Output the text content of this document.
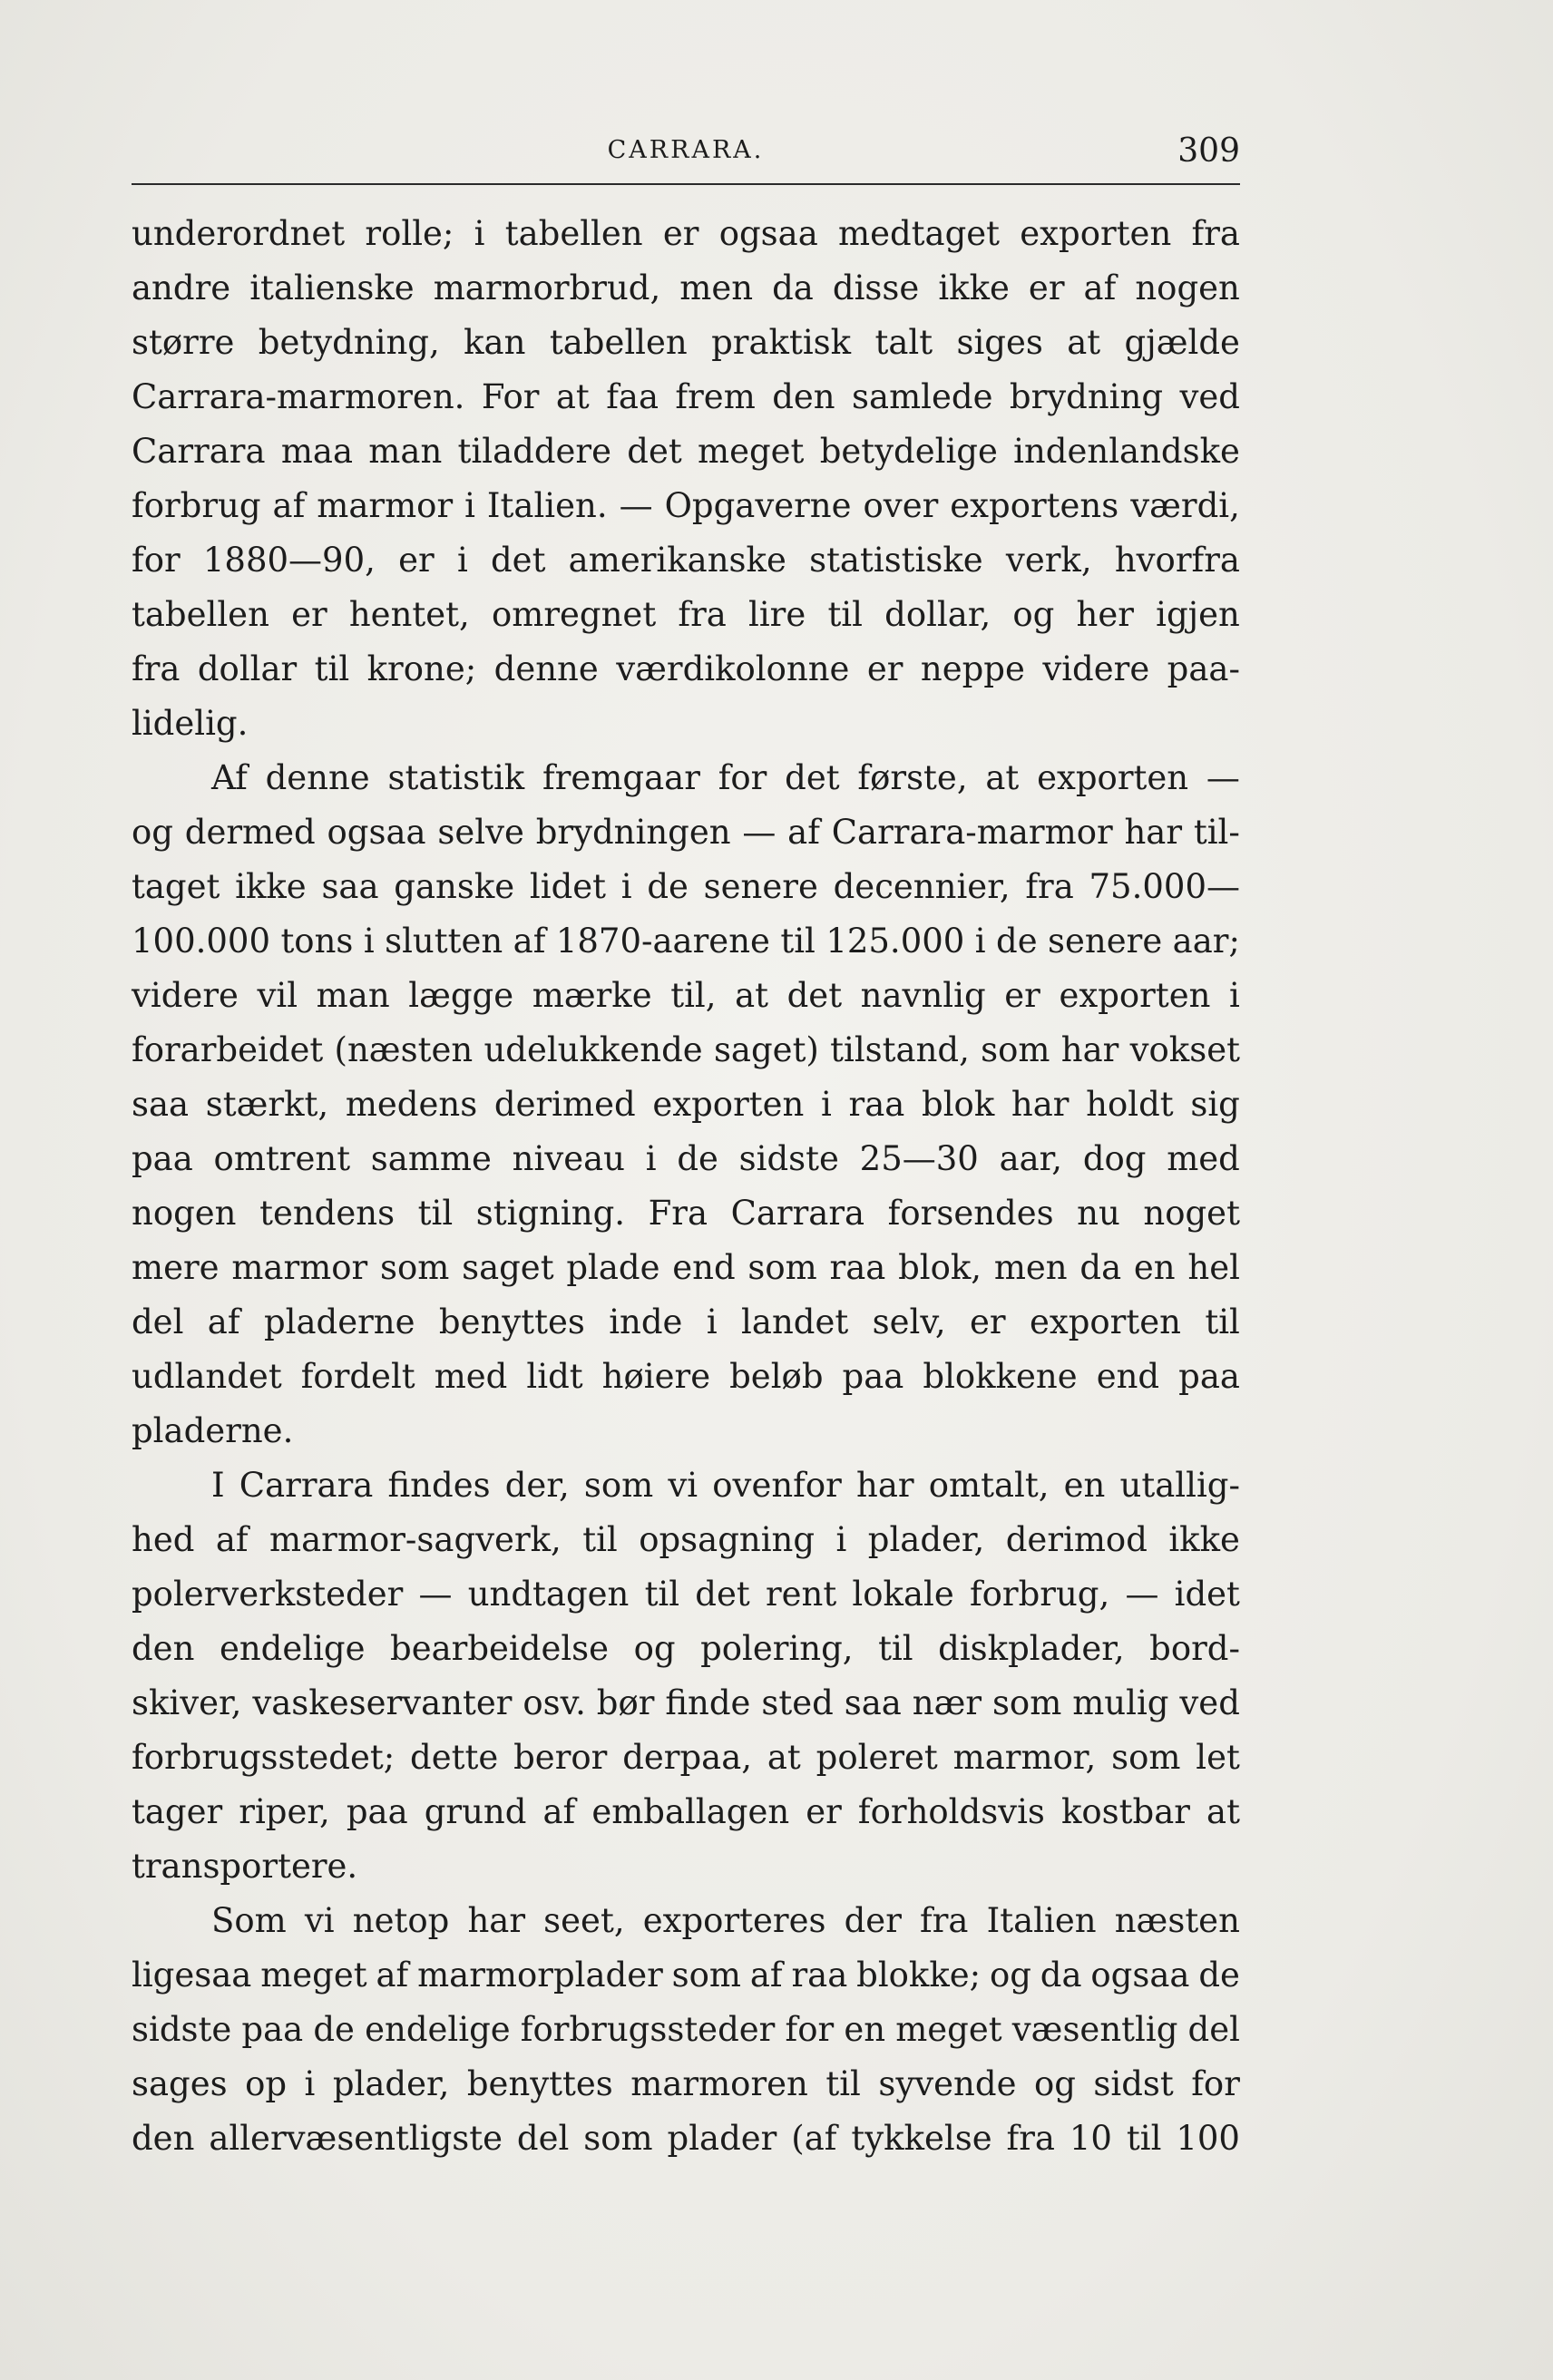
CARRARA.	309
underordnet rolle; i tabellen er ogsaa medtaget exporten fra
andre italienske marmorbrud, men da disse ikke er af nogen
større betydning, kan tabellen praktisk talt siges at gjælde
Carrara-marmoren. For at faa frem den samlede brydning ved
Carrara maa man tiladdere det meget betydelige indenlandske
forbrug af marmor i Italien. — Opgaverne over exportens værdi,
for 1880—90, er i det amerikanske statistiske verk, hvorfra
tabellen er hentet, omregnet fra lire til dollar, og her igjen
fra dollar til krone; denne værdikolonne er neppe videre paa-
lidelig.
Af denne statistik fremgaar for det første, at exporten —
og dermed ogsaa selve brydningen — af Carrara-marmor har til-
taget ikke saa ganske lidet i de senere decennier, fra 75.000—
100.000 tons i slutten af 1870-aarene til 125.000 i de senere aar;
videre vil man lægge mærke til, at det navnlig er exporten i
forarbeidet (næsten udelukkende saget) tilstand, som har vokset
saa stærkt, medens derimed exporten i raa blok har holdt sig
paa omtrent samme niveau i de sidste 25—30 aar, dog med
nogen tendens til stigning. Fra Carrara forsendes nu noget
mere marmor som saget plade end som raa blok, men da en hel
del af pladerne benyttes inde i landet selv, er exporten til
udlandet fordelt med lidt høiere beløb paa blokkene end paa
pladerne.
I Carrara findes der, som vi ovenfor har omtalt, en utallig-
hed af marmor-sagverk, til opsagning i plader, derimod ikke
polerverksteder — undtagen til det rent lokale forbrug, — idet
den endelige bearbeidelse og polering, til diskplader, bord-
skiver, vaskeservanter osv. bør finde sted saa nær som mulig ved
forbrugsstedet; dette beror derpaa, at poleret marmor, som let
tager riper, paa grund af emballagen er forholdsvis kostbar at
transportere.
Som vi netop har seet, exporteres der fra Italien næsten
ligesaa meget af marmorplader som af raa blokke; og da ogsaa de
sidste paa de endelige forbrugssteder for en meget væsentlig del
sages op i plader, benyttes marmoren til syvende og sidst for
den allervæsentligste del som plader (af tykkelse fra 10 til 100
